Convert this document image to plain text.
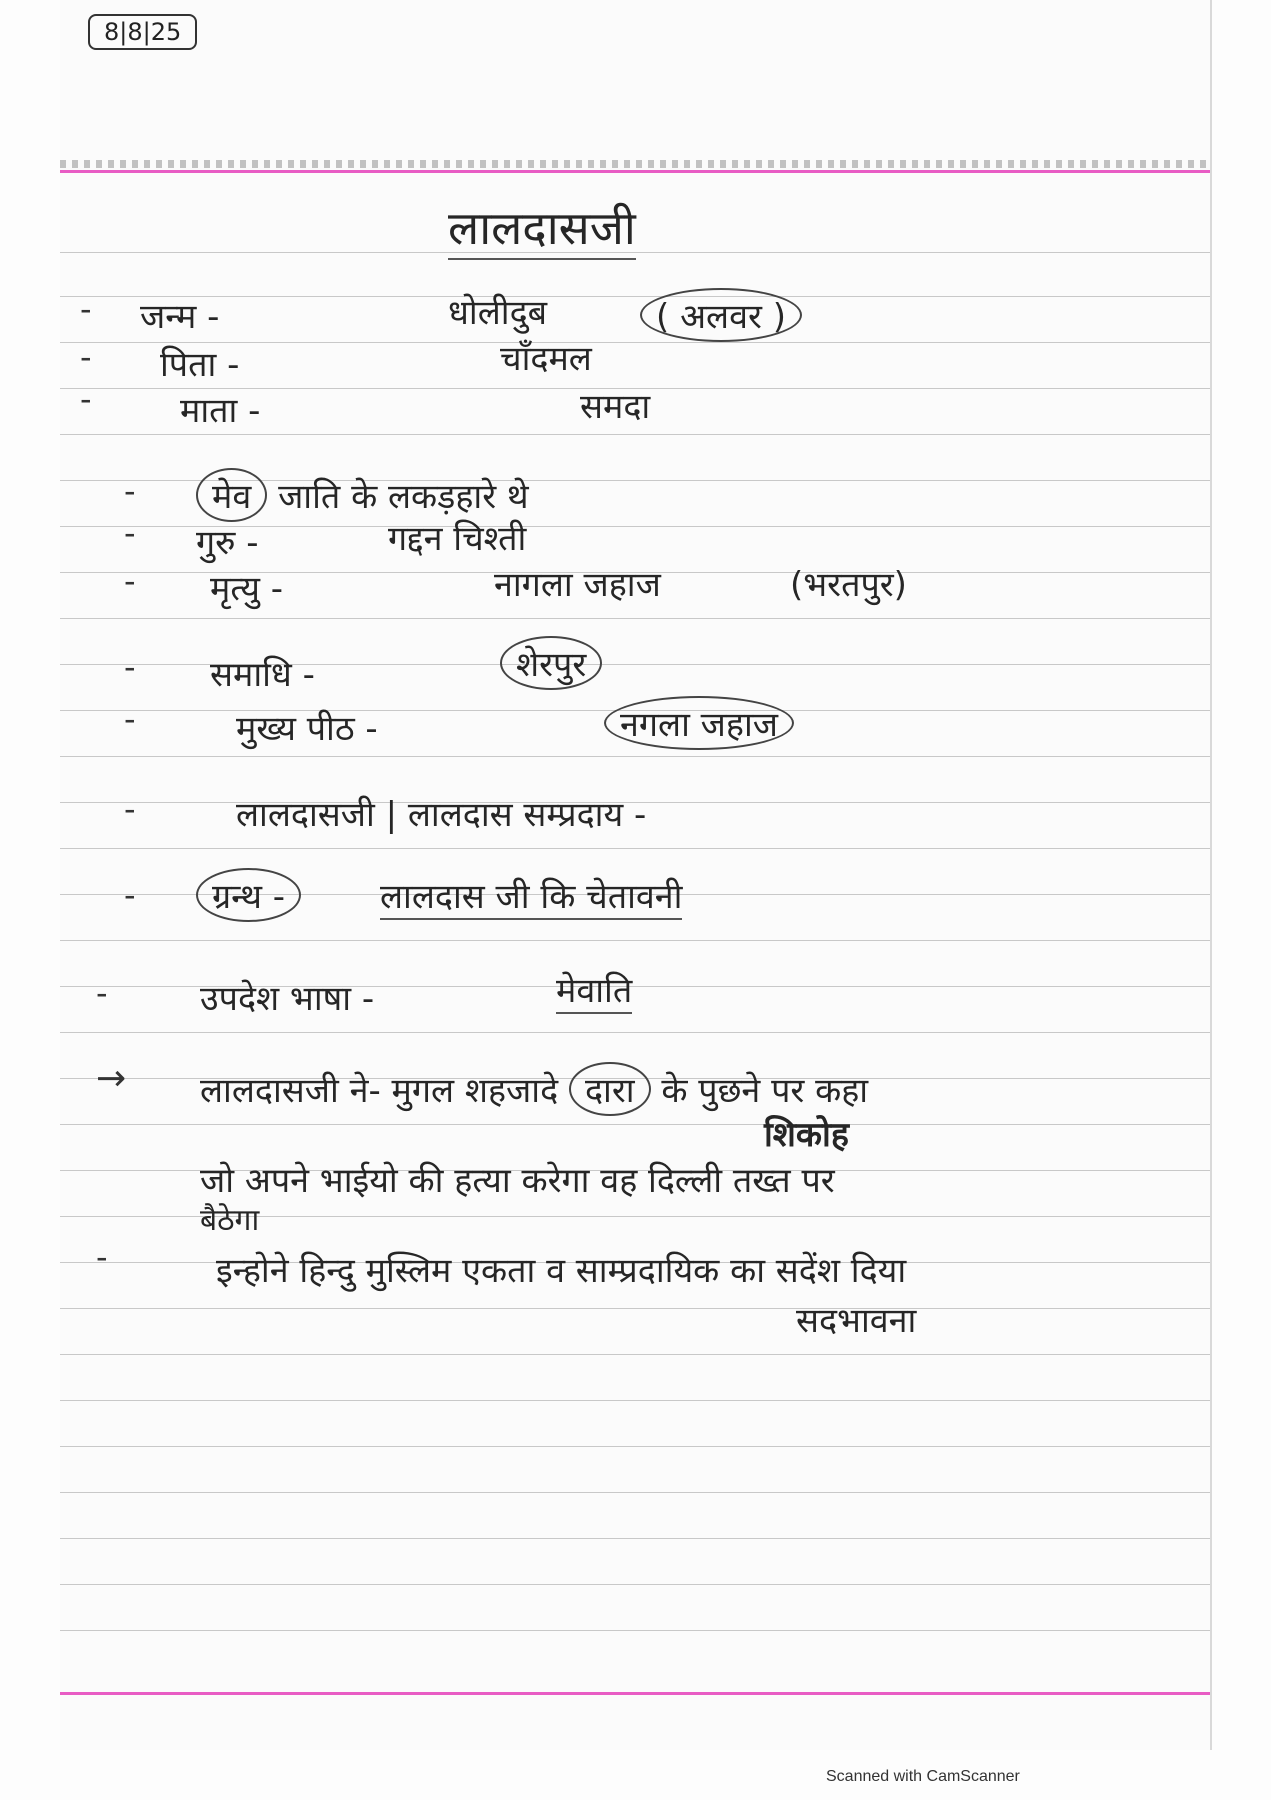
8|8|25
लालदासजी
- जन्म -	धोलीदुब	( अलवर )
- पिता -	चाँदमल
-	माता -	समदा
-	मेव जाति के लकड़हारे थे
- गुरु -	गद्दन चिश्ती
- मृत्यु -	नागला जहाज	(भरतपुर)
- समाधि -	शेरपुर
-	मुख्य पीठ -	नगला जहाज
-	लालदासजी | लालदास सम्प्रदाय -
-	ग्रन्थ -	लालदास जी कि चेतावनी
-	उपदेश भाषा -	मेवाति
→ लालदासजी ने- मुगल शहजादे दारा के पुछने पर कहा
शिकोह
जो अपने भाईयो की हत्या करेगा वह दिल्ली तख्त पर
बैठेगा
-	इन्होने हिन्दु मुस्लिम एकता व साम्प्रदायिक का सदेंश दिया
सदभावना
Scanned with CamScanner
